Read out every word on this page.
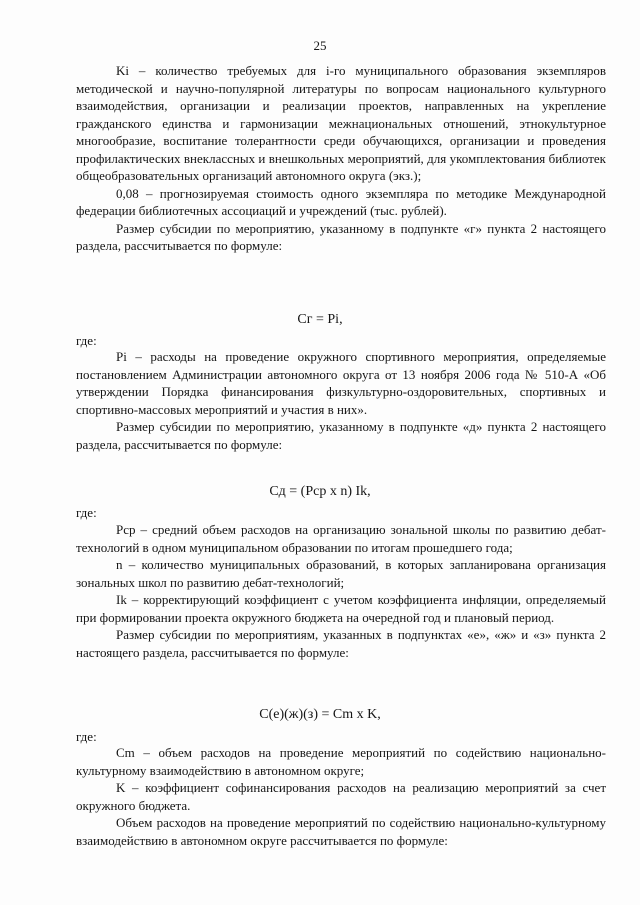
25

Ki – количество требуемых для i-го муниципального образования экземпляров методической и научно-популярной литературы по вопросам национального культурного взаимодействия, организации и реализации проектов, направленных на укрепление гражданского единства и гармонизации межнациональных отношений, этнокультурное многообразие, воспитание толерантности среди обучающихся, организации и проведения профилактических внеклассных и внешкольных мероприятий, для укомплектования библиотек общеобразовательных организаций автономного округа (экз.);

0,08 – прогнозируемая стоимость одного экземпляра по методике Международной федерации библиотечных ассоциаций и учреждений (тыс. рублей).

Размер субсидии по мероприятию, указанному в подпункте «г» пункта 2 настоящего раздела, рассчитывается по формуле:

Cг = Pi,
где:

Pi – расходы на проведение окружного спортивного мероприятия, определяемые постановлением Администрации автономного округа от 13 ноября 2006 года № 510-А «Об утверждении Порядка финансирования физкультурно-оздоровительных, спортивных и спортивно-массовых мероприятий и участия в них».

Размер субсидии по мероприятию, указанному в подпункте «д» пункта 2 настоящего раздела, рассчитывается по формуле:

Cд = (Pср x n) Ik,
где:

Pср – средний объем расходов на организацию зональной школы по развитию дебат-технологий в одном муниципальном образовании по итогам прошедшего года;

n – количество муниципальных образований, в которых запланирована организация зональных школ по развитию дебат-технологий;

Ik – корректирующий коэффициент с учетом коэффициента инфляции, определяемый при формировании проекта окружного бюджета на очередной год и плановый период.

Размер субсидии по мероприятиям, указанных в подпунктах «е», «ж» и «з» пункта 2 настоящего раздела, рассчитывается по формуле:

C(е)(ж)(з) = Cm x K,
где:

Cm – объем расходов на проведение мероприятий по содействию национально-культурному взаимодействию в автономном округе;

K – коэффициент софинансирования расходов на реализацию мероприятий за счет окружного бюджета.

Объем расходов на проведение мероприятий по содействию национально-культурному взаимодействию в автономном округе рассчитывается по формуле:
